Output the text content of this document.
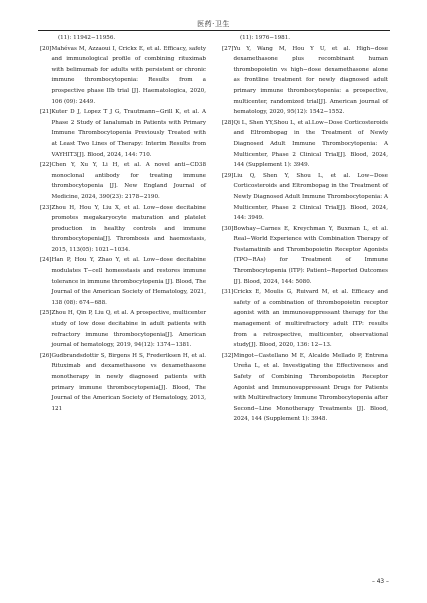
医药·卫生
(11): 11942−11956.
[20] Mahévas M, Azzaoui I, Crickx E, et al. Efficacy, safety and immunological profile of combining rituximab with belimumab for adults with persistent or chronic immune thrombocytopenia: Results from a prospective phase IIb trial [J]. Haematologica, 2020, 106 (09): 2449.
[21] Kuter D J, Lopez T J G, Trautmann−Grill K, et al. A Phase 2 Study of Ianalumab in Patients with Primary Immune Thrombocytopenia Previously Treated with at Least Two Lines of Therapy: Interim Results from VAYHIT3[J]. Blood, 2024, 144: 710.
[22] Chen Y, Xu Y, Li H, et al. A novel anti−CD38 monoclonal antibody for treating immune thrombocytopenia [J]. New England Journal of Medicine, 2024, 390(23): 2178−2190.
[23] Zhou H, Hou Y, Liu X, et al. Low−dose decitabine promotes megakaryocyte maturation and platelet production in healthy controls and immune thrombocytopenia[J]. Thrombosis and haemostasis, 2015, 113(05): 1021−1034.
[24] Han P, Hou Y, Zhao Y, et al. Low−dose decitabine modulates T−cell homeostasis and restores immune tolerance in immune thrombocytopenia [J]. Blood, The Journal of the American Society of Hematology, 2021, 138 (08): 674−688.
[25] Zhou H, Qin P, Liu Q, et al. A prospective, multicenter study of low dose decitabine in adult patients with refractory immune thrombocytopenia[J]. American journal of hematology, 2019, 94(12): 1374−1381.
[26] Gudbrandsdottir S, Birgens H S, Frederiksen H, et al. Rituximab and dexamethasone vs dexamethasone monotherapy in newly diagnosed patients with primary immune thrombocytopenia[J]. Blood, The Journal of the American Society of Hematology, 2013, 121
(11): 1976−1981.
[27] Yu Y, Wang M, Hou Y U, et al. High−dose dexamethasone plus recombinant human thrombopoietin vs high−dose dexamethasone alone as frontline treatment for newly diagnosed adult primary immune thrombocytopenia: a prospective, multicenter, randomized trial[J]. American journal of hematology, 2020, 95(12): 1542−1552.
[28] Qi L, Shen YY,Shou L, et al.Low−Dose Corticosteroids and Eltrombopag in the Treatment of Newly Diagnosed Adult Immune Thrombocytopenia: A Multicenter, Phase 2 Clinical Trial[J]. Blood, 2024, 144 (Supplement 1): 3949.
[29] Liu Q, Shen Y, Shou L, et al. Low−Dose Corticosteroids and Eltrombopag in the Treatment of Newly Diagnosed Adult Immune Thrombocytopenia: A Multicenter, Phase 2 Clinical Trial[J]. Blood, 2024, 144: 3949.
[30] Bowhay−Carnes E, Kreychman Y, Buxman L, et al. Real−World Experience with Combination Therapy of Fostamatinib and Thrombopoietin Receptor Agonists (TPO−RAs) for Treatment of Immune Thrombocytopenia (ITP): Patient−Reported Outcomes [J]. Blood, 2024, 144: 5080.
[31] Crickx E, Moulis G, Ruivard M, et al. Efficacy and safety of a combination of thrombopoietin receptor agonist with an immunosuppressant therapy for the management of multirefractory adult ITP: results from a retrospective, multicenter, observational study[J]. Blood, 2020, 136: 12−13.
[32] Mingot−Castellano M E, Alcalde Mellado P, Entrena Ureña L, et al. Investigating the Effectiveness and Safety of Combining Thrombopoietin Receptor Agonist and Immunosuppressant Drugs for Patients with Multirefractory Immune Thrombocytopenia after Second−Line Monotherapy Treatments [J]. Blood, 2024, 144 (Supplement 1): 3948.
– 43 –
